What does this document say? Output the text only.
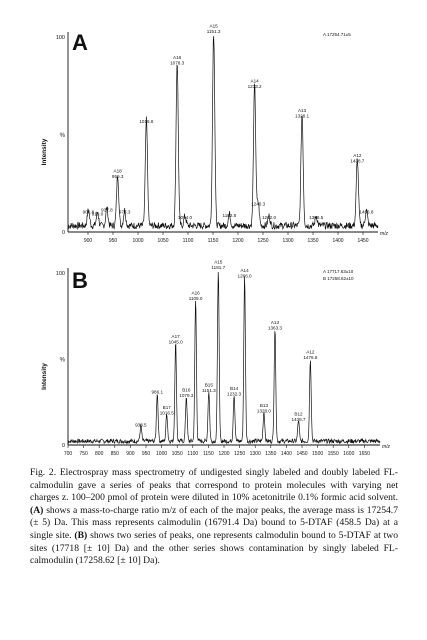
A
100
%
0
Intensity
900	950	1000	1050	1100	1150	1200	1250	1300	1350	1400	1450
m/z
A 17254.71±5
A15 1151.3
A16 1078.3
A14 1233.2
1016.8
A13 1328.1
A12 1438.7
A18 959.3
973.3
937.8
900.8
919.0
1094.0	1182.8
1240.3
1262.0	1356.5
1456.8
B
100
%
0
Intensity
700 750 800 850 900 950 1000 1050 1100 1150 1200 1250 1300 1350 1400 1450 1500 1550 1600 1650
m/z
A 17717.63±10
B 17258.62±10
A15 1181.7
A14 1266.0
A16 1109.0
A13 1363.3
A17 1045.0
A12 1476.8
986.1	B16 1079.3
B15 1151.3	B14 1232.3
B17 1016.5
B13 1328.0
933.5
B12 1438.7
Fig. 2. Electrospray mass spectrometry of undigested singly labeled and doubly labeled FL-calmodulin gave a series of peaks that correspond to protein molecules with varying net charges z. 100–200 pmol of protein were diluted in 10% acetonitrile 0.1% formic acid solvent. (A) shows a mass-to-charge ratio m/z of each of the major peaks, the average mass is 17254.7 (± 5) Da. This mass represents calmodulin (16791.4 Da) bound to 5-DTAF (458.5 Da) at a single site. (B) shows two series of peaks, one represents calmodulin bound to 5-DTAF at two sites (17718 [± 10] Da) and the other series shows contamination by singly labeled FL-calmodulin (17258.62 [± 10] Da).
